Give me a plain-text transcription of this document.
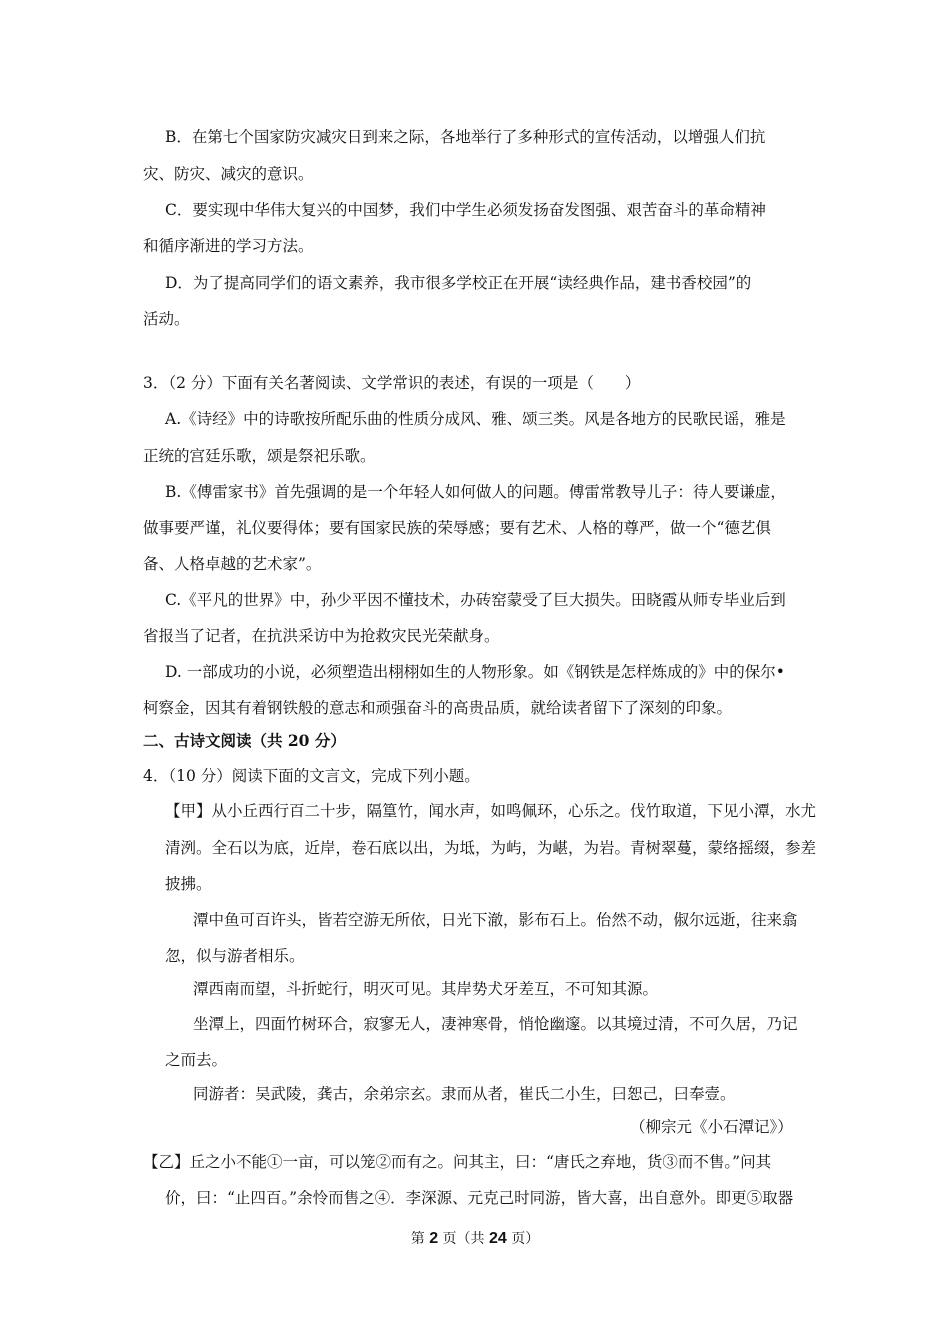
B．在第七个国家防灾减灾日到来之际，各地举行了多种形式的宣传活动，以增强人们抗
灾、防灾、减灾的意识。
C．要实现中华伟大复兴的中国梦，我们中学生必须发扬奋发图强、艰苦奋斗的革命精神
和循序渐进的学习方法。
D．为了提高同学们的语文素养，我市很多学校正在开展“读经典作品，建书香校园”的
活动。
3．（2 分）下面有关名著阅读、文学常识的表述，有误的一项是（　　）
A.《诗经》中的诗歌按所配乐曲的性质分成风、雅、颂三类。风是各地方的民歌民谣，雅是
正统的宫廷乐歌，颂是祭祀乐歌。
B.《傅雷家书》首先强调的是一个年轻人如何做人的问题。傅雷常教导儿子：待人要谦虚，
做事要严谨，礼仪要得体；要有国家民族的荣辱感；要有艺术、人格的尊严，做一个“德艺俱
备、人格卓越的艺术家”。
C.《平凡的世界》中，孙少平因不懂技术，办砖窑蒙受了巨大损失。田晓霞从师专毕业后到
省报当了记者，在抗洪采访中为抢救灾民光荣献身。
D. 一部成功的小说，必须塑造出栩栩如生的人物形象。如《钢铁是怎样炼成的》中的保尔•
柯察金，因其有着钢铁般的意志和顽强奋斗的高贵品质，就给读者留下了深刻的印象。
二、古诗文阅读（共 20 分）
4．（10 分）阅读下面的文言文，完成下列小题。
【甲】从小丘西行百二十步，隔篁竹，闻水声，如鸣佩环，心乐之。伐竹取道，下见小潭，水尤
清洌。全石以为底，近岸，卷石底以出，为坻，为屿，为嵁，为岩。青树翠蔓，蒙络摇缀，参差
披拂。
潭中鱼可百许头，皆若空游无所依，日光下澈，影布石上。佁然不动，俶尔远逝，往来翕
忽，似与游者相乐。
潭西南而望，斗折蛇行，明灭可见。其岸势犬牙差互，不可知其源。
坐潭上，四面竹树环合，寂寥无人，凄神寒骨，悄怆幽邃。以其境过清，不可久居，乃记
之而去。
同游者：吴武陵，龚古，余弟宗玄。隶而从者，崔氏二小生，曰恕己，曰奉壹。
（柳宗元《小石潭记》）
【乙】丘之小不能①一亩，可以笼②而有之。问其主，曰：“唐氏之弃地，货③而不售。”问其
价，曰：“止四百。”余怜而售之④．李深源、元克己时同游，皆大喜，出自意外。即更⑤取器
第 2 页（共 24 页）
